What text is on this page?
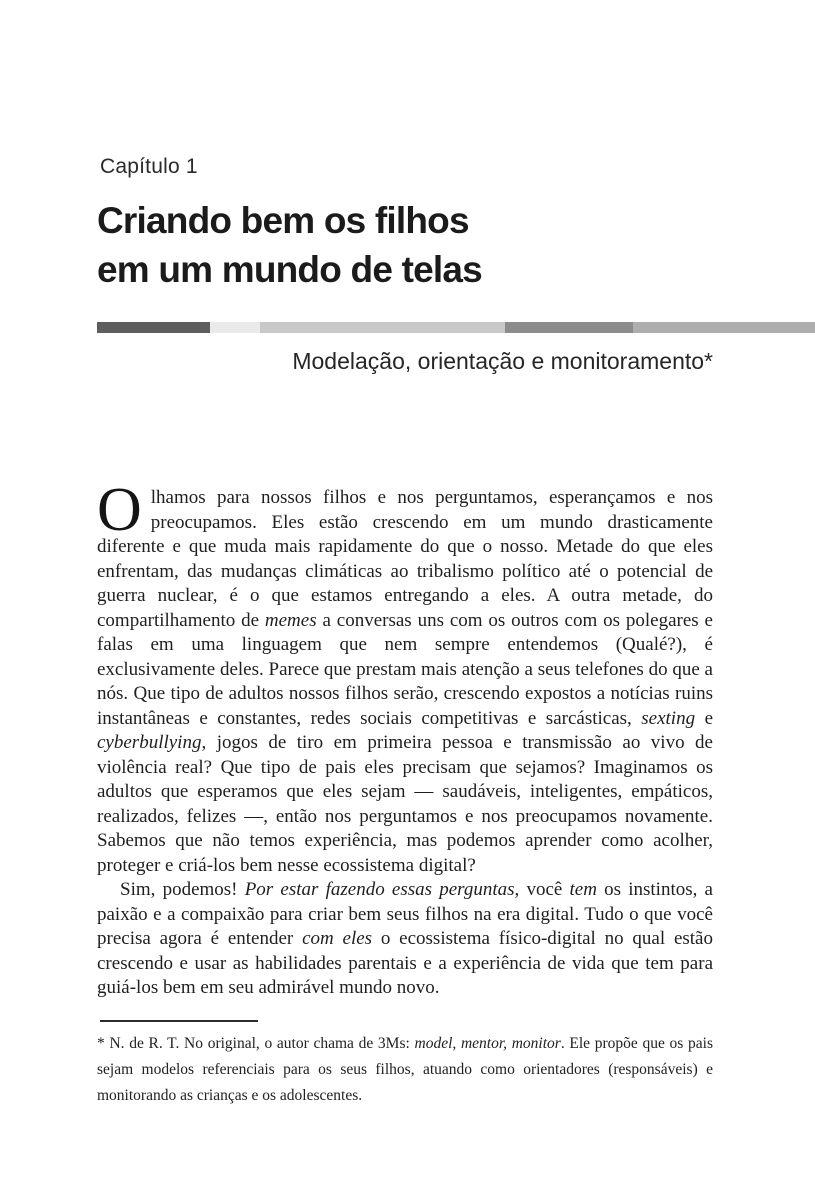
Capítulo 1
Criando bem os filhos
em um mundo de telas
Modelação, orientação e monitoramento*

Olhamos para nossos filhos e nos perguntamos, esperançamos e nos preocupamos. Eles estão crescendo em um mundo drasticamente diferente e que muda mais rapidamente do que o nosso. Metade do que eles enfrentam, das mudanças climáticas ao tribalismo político até o potencial de guerra nuclear, é o que estamos entregando a eles. A outra metade, do compartilhamento de memes a conversas uns com os outros com os polegares e falas em uma linguagem que nem sempre entendemos (Qualé?), é exclusivamente deles. Parece que prestam mais atenção a seus telefones do que a nós. Que tipo de adultos nossos filhos serão, crescendo expostos a notícias ruins instantâneas e constantes, redes sociais competitivas e sarcásticas, sexting e cyberbullying, jogos de tiro em primeira pessoa e transmissão ao vivo de violência real? Que tipo de pais eles precisam que sejamos? Imaginamos os adultos que esperamos que eles sejam — saudáveis, inteligentes, empáticos, realizados, felizes —, então nos perguntamos e nos preocupamos novamente. Sabemos que não temos experiência, mas podemos aprender como acolher, proteger e criá-los bem nesse ecossistema digital?

Sim, podemos! Por estar fazendo essas perguntas, você tem os instintos, a paixão e a compaixão para criar bem seus filhos na era digital. Tudo o que você precisa agora é entender com eles o ecossistema físico-digital no qual estão crescendo e usar as habilidades parentais e a experiência de vida que tem para guiá-los bem em seu admirável mundo novo.

* N. de R. T. No original, o autor chama de 3Ms: model, mentor, monitor. Ele propõe que os pais sejam modelos referenciais para os seus filhos, atuando como orientadores (responsáveis) e monitorando as crianças e os adolescentes.
